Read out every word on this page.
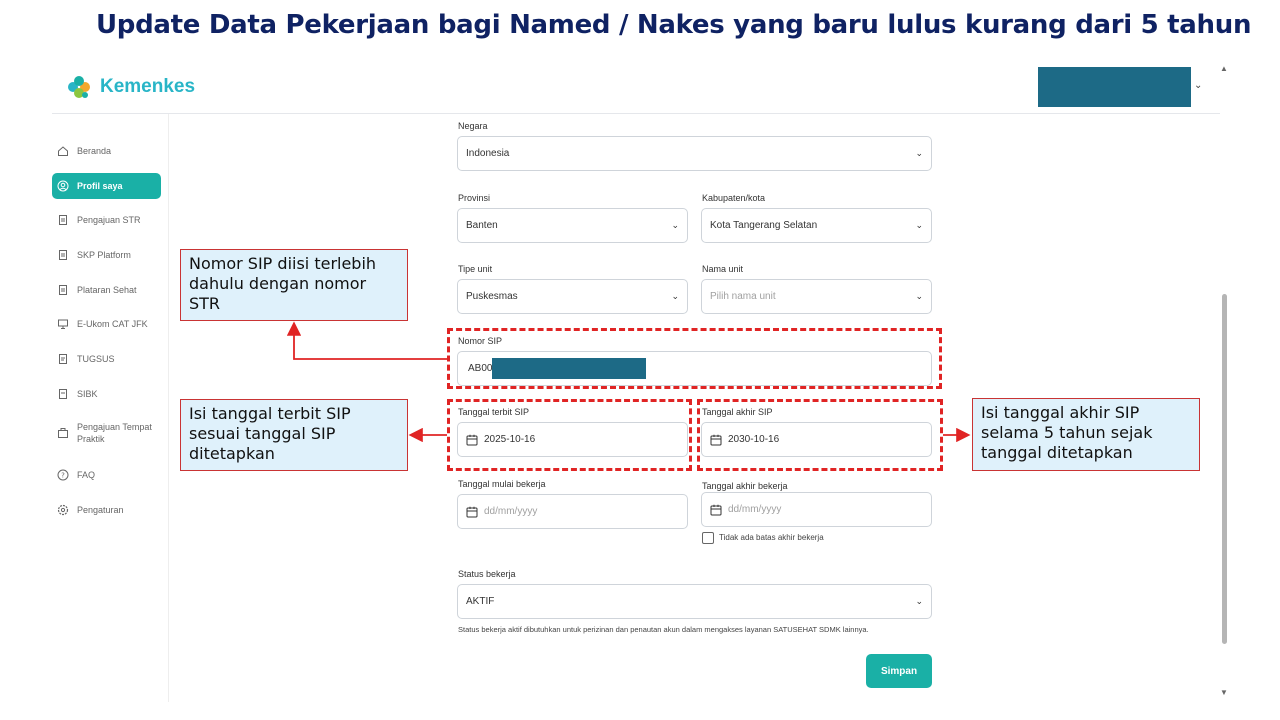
Update Data Pekerjaan bagi Named / Nakes yang baru lulus kurang dari 5 tahun
Kemenkes	⌄
Beranda
Profil saya
Pengajuan STR
SKP Platform
Plataran Sehat
E-Ukom CAT JFK
TUGSUS
SIBK
Pengajuan Tempat Praktik
? FAQ
Pengaturan
▲
▼
Negara
Indonesia	⌄
Provinsi
Banten	⌄
Kabupaten/kota
Kota Tangerang Selatan	⌄
Tipe unit
Puskesmas	⌄
Nama unit
Pilih nama unit	⌄
Nomor SIP
AB00
Tanggal terbit SIP
2025-10-16
Tanggal akhir SIP
2030-10-16
Tanggal mulai bekerja
dd/mm/yyyy
Tanggal akhir bekerja
dd/mm/yyyy
Tidak ada batas akhir bekerja
Status bekerja
AKTIF	⌄
Status bekerja aktif dibutuhkan untuk perizinan dan penautan akun dalam mengakses layanan SATUSEHAT SDMK lainnya.
Simpan
Nomor SIP diisi terlebih dahulu dengan nomor STR
Isi tanggal terbit SIP sesuai tanggal SIP ditetapkan
Isi tanggal akhir SIP selama 5 tahun sejak tanggal ditetapkan
